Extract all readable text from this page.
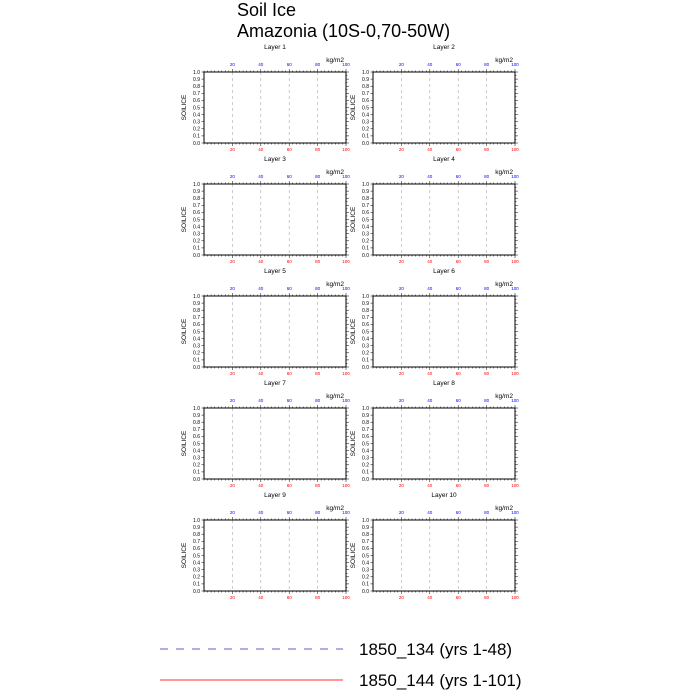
Soil Ice
Amazonia (10S-0,70-50W)
Layer 1
kg/m2
0.0
0.1
0.2
0.3
0.4
0.5
0.6
0.7
0.8
0.9
1.0
20
20
40
40
60
60
80
80
100
100
SOILICE
Layer 2
kg/m2
0.0
0.1
0.2
0.3
0.4
0.5
0.6
0.7
0.8
0.9
1.0
20
20
40
40
60
60
80
80
100
100
SOILICE
Layer 3
kg/m2
0.0
0.1
0.2
0.3
0.4
0.5
0.6
0.7
0.8
0.9
1.0
20
20
40
40
60
60
80
80
100
100
SOILICE
Layer 4
kg/m2
0.0
0.1
0.2
0.3
0.4
0.5
0.6
0.7
0.8
0.9
1.0
20
20
40
40
60
60
80
80
100
100
SOILICE
Layer 5
kg/m2
0.0
0.1
0.2
0.3
0.4
0.5
0.6
0.7
0.8
0.9
1.0
20
20
40
40
60
60
80
80
100
100
SOILICE
Layer 6
kg/m2
0.0
0.1
0.2
0.3
0.4
0.5
0.6
0.7
0.8
0.9
1.0
20
20
40
40
60
60
80
80
100
100
SOILICE
Layer 7
kg/m2
0.0
0.1
0.2
0.3
0.4
0.5
0.6
0.7
0.8
0.9
1.0
20
20
40
40
60
60
80
80
100
100
SOILICE
Layer 8
kg/m2
0.0
0.1
0.2
0.3
0.4
0.5
0.6
0.7
0.8
0.9
1.0
20
20
40
40
60
60
80
80
100
100
SOILICE
Layer 9
kg/m2
0.0
0.1
0.2
0.3
0.4
0.5
0.6
0.7
0.8
0.9
1.0
20
20
40
40
60
60
80
80
100
100
SOILICE
Layer 10
kg/m2
0.0
0.1
0.2
0.3
0.4
0.5
0.6
0.7
0.8
0.9
1.0
20
20
40
40
60
60
80
80
100
100
SOILICE
1850_134 (yrs 1-48)
1850_144 (yrs 1-101)
